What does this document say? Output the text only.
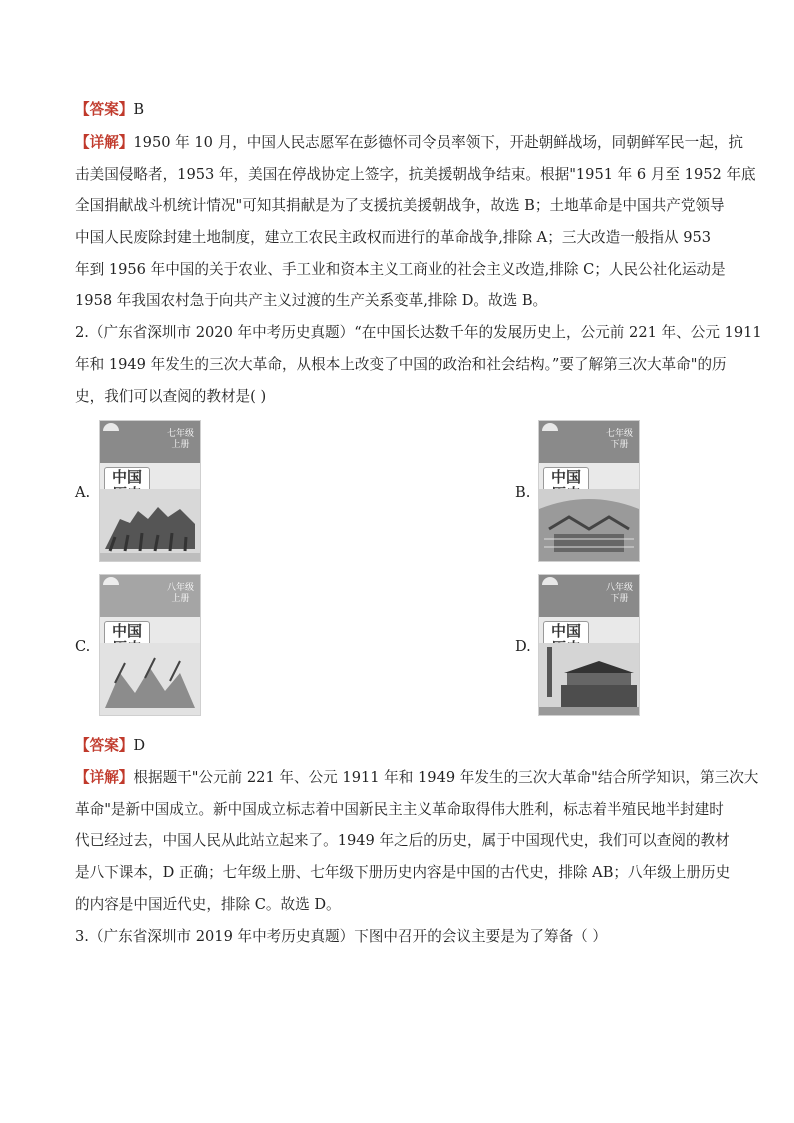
【答案】B
【详解】1950 年 10 月，中国人民志愿军在彭德怀司令员率领下，开赴朝鲜战场，同朝鲜军民一起，抗
击美国侵略者，1953 年，美国在停战协定上签字，抗美援朝战争结束。根据"1951 年 6 月至 1952 年底
全国捐献战斗机统计情况"可知其捐献是为了支援抗美援朝战争，故选 B；土地革命是中国共产党领导
中国人民废除封建土地制度，建立工农民主政权而进行的革命战争,排除 A；三大改造一般指从 953
年到 1956 年中国的关于农业、手工业和资本主义工商业的社会主义改造,排除 C；人民公社化运动是
1958 年我国农村急于向共产主义过渡的生产关系变革,排除 D。故选 B。
2.（广东省深圳市 2020 年中考历史真题）“在中国长达数千年的发展历史上，公元前 221 年、公元 1911
年和 1949 年发生的三次大革命，从根本上改变了中国的政治和社会结构。”要了解第三次大革命"的历
史，我们可以查阅的教材是( )
A.
七年级
上册
中国
B.
七年级
下册
中国
C.
八年级
上册
中国
D.
八年级
下册
中国
【答案】D
【详解】根据题干"公元前 221 年、公元 1911 年和 1949 年发生的三次大革命"结合所学知识，第三次大
革命"是新中国成立。新中国成立标志着中国新民主主义革命取得伟大胜利，标志着半殖民地半封建时
代已经过去，中国人民从此站立起来了。1949 年之后的历史，属于中国现代史，我们可以查阅的教材
是八下课本，D 正确；七年级上册、七年级下册历史内容是中国的古代史，排除 AB；八年级上册历史
的内容是中国近代史，排除 C。故选 D。
3.（广东省深圳市 2019 年中考历史真题）下图中召开的会议主要是为了筹备（ ）
